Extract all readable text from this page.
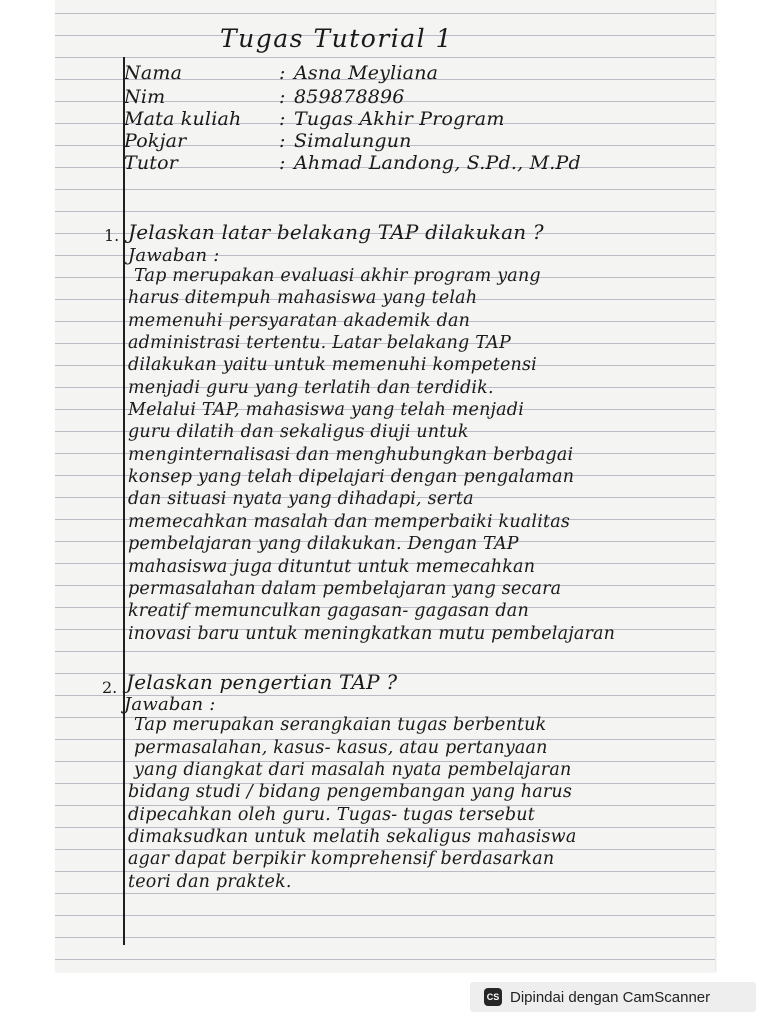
Tugas Tutorial 1
Nama	: Asna Meyliana
Nim	: 859878896
Mata kuliah : Tugas Akhir Program
Pokjar	: Simalungun
Tutor	: Ahmad Landong, S.Pd., M.Pd
1. Jelaskan latar belakang TAP dilakukan ?
Jawaban :
Tap merupakan evaluasi akhir program yang
harus ditempuh mahasiswa yang telah
memenuhi persyaratan akademik dan
administrasi tertentu. Latar belakang TAP
dilakukan yaitu untuk memenuhi kompetensi
menjadi guru yang terlatih dan terdidik.
Melalui TAP, mahasiswa yang telah menjadi
guru dilatih dan sekaligus diuji untuk
menginternalisasi dan menghubungkan berbagai
konsep yang telah dipelajari dengan pengalaman
dan situasi nyata yang dihadapi, serta
memecahkan masalah dan memperbaiki kualitas
pembelajaran yang dilakukan. Dengan TAP
mahasiswa juga dituntut untuk memecahkan
permasalahan dalam pembelajaran yang secara
kreatif memunculkan gagasan- gagasan dan
inovasi baru untuk meningkatkan mutu pembelajaran
2. Jelaskan pengertian TAP ?
Jawaban :
Tap merupakan serangkaian tugas berbentuk
permasalahan, kasus- kasus, atau pertanyaan
yang diangkat dari masalah nyata pembelajaran
bidang studi / bidang pengembangan yang harus
dipecahkan oleh guru. Tugas- tugas tersebut
dimaksudkan untuk melatih sekaligus mahasiswa
agar dapat berpikir komprehensif berdasarkan
teori dan praktek.
CS Dipindai dengan CamScanner
